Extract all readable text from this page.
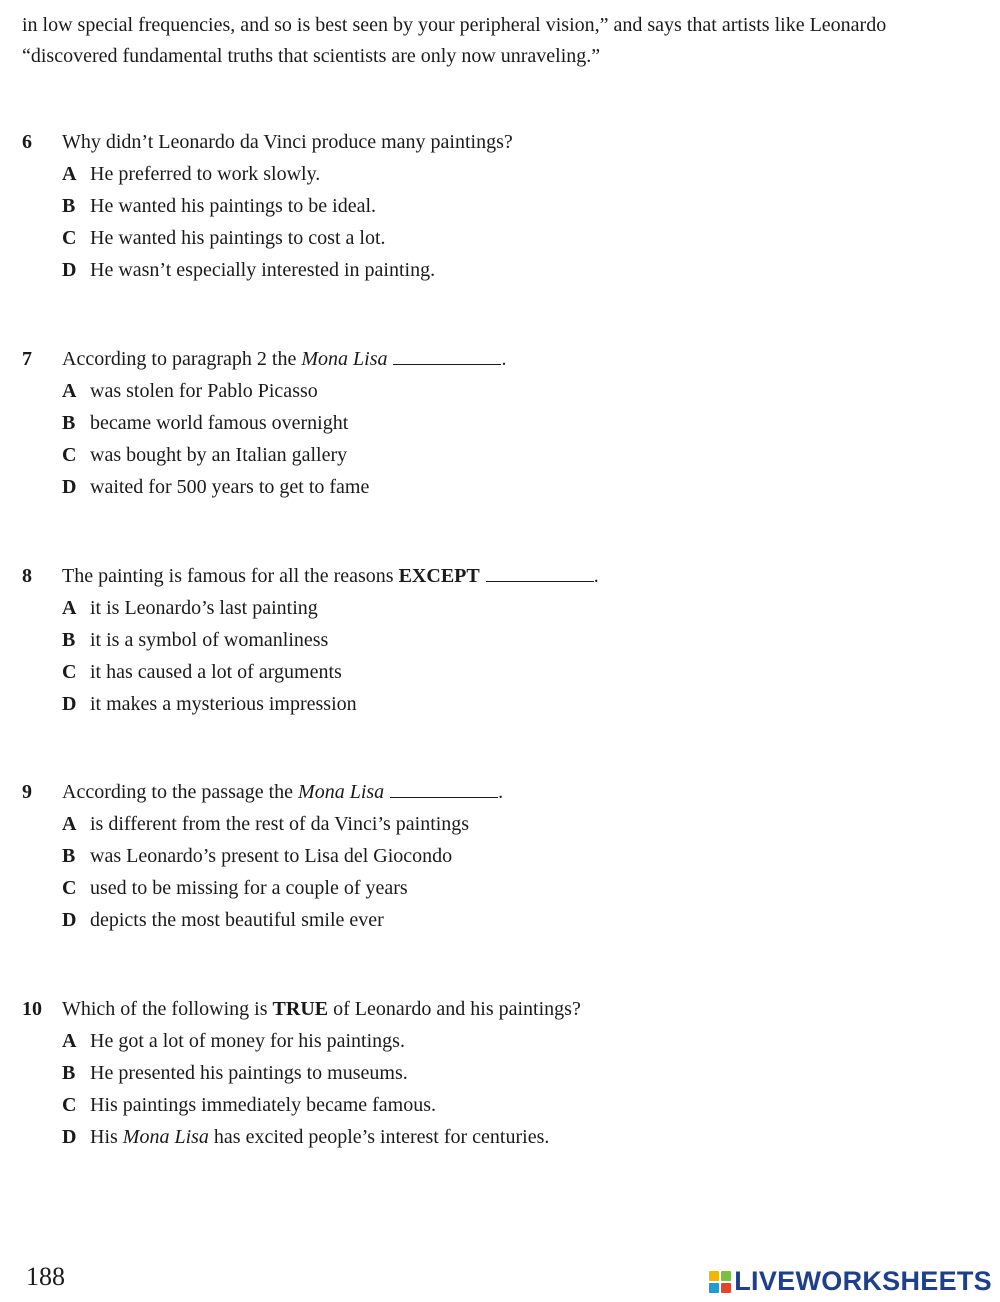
in low special frequencies, and so is best seen by your peripheral vision,” and says that artists like Leonardo
“discovered fundamental truths that scientists are only now unraveling.”

6 Why didn’t Leonardo da Vinci produce many paintings?
A He preferred to work slowly.
B He wanted his paintings to be ideal.
C He wanted his paintings to cost a lot.
D He wasn’t especially interested in painting.
7 According to paragraph 2 the Mona Lisa	.
A was stolen for Pablo Picasso
B became world famous overnight
C was bought by an Italian gallery
D waited for 500 years to get to fame
8 The painting is famous for all the reasons EXCEPT	.
A it is Leonardo’s last painting
B it is a symbol of womanliness
C it has caused a lot of arguments
D it makes a mysterious impression
9 According to the passage the Mona Lisa	.
A is different from the rest of da Vinci’s paintings
B was Leonardo’s present to Lisa del Giocondo
C used to be missing for a couple of years
D depicts the most beautiful smile ever
10 Which of the following is TRUE of Leonardo and his paintings?
A He got a lot of money for his paintings.
B He presented his paintings to museums.
C His paintings immediately became famous.
D His Mona Lisa has excited people’s interest for centuries.
188	LIVEWORKSHEETS
